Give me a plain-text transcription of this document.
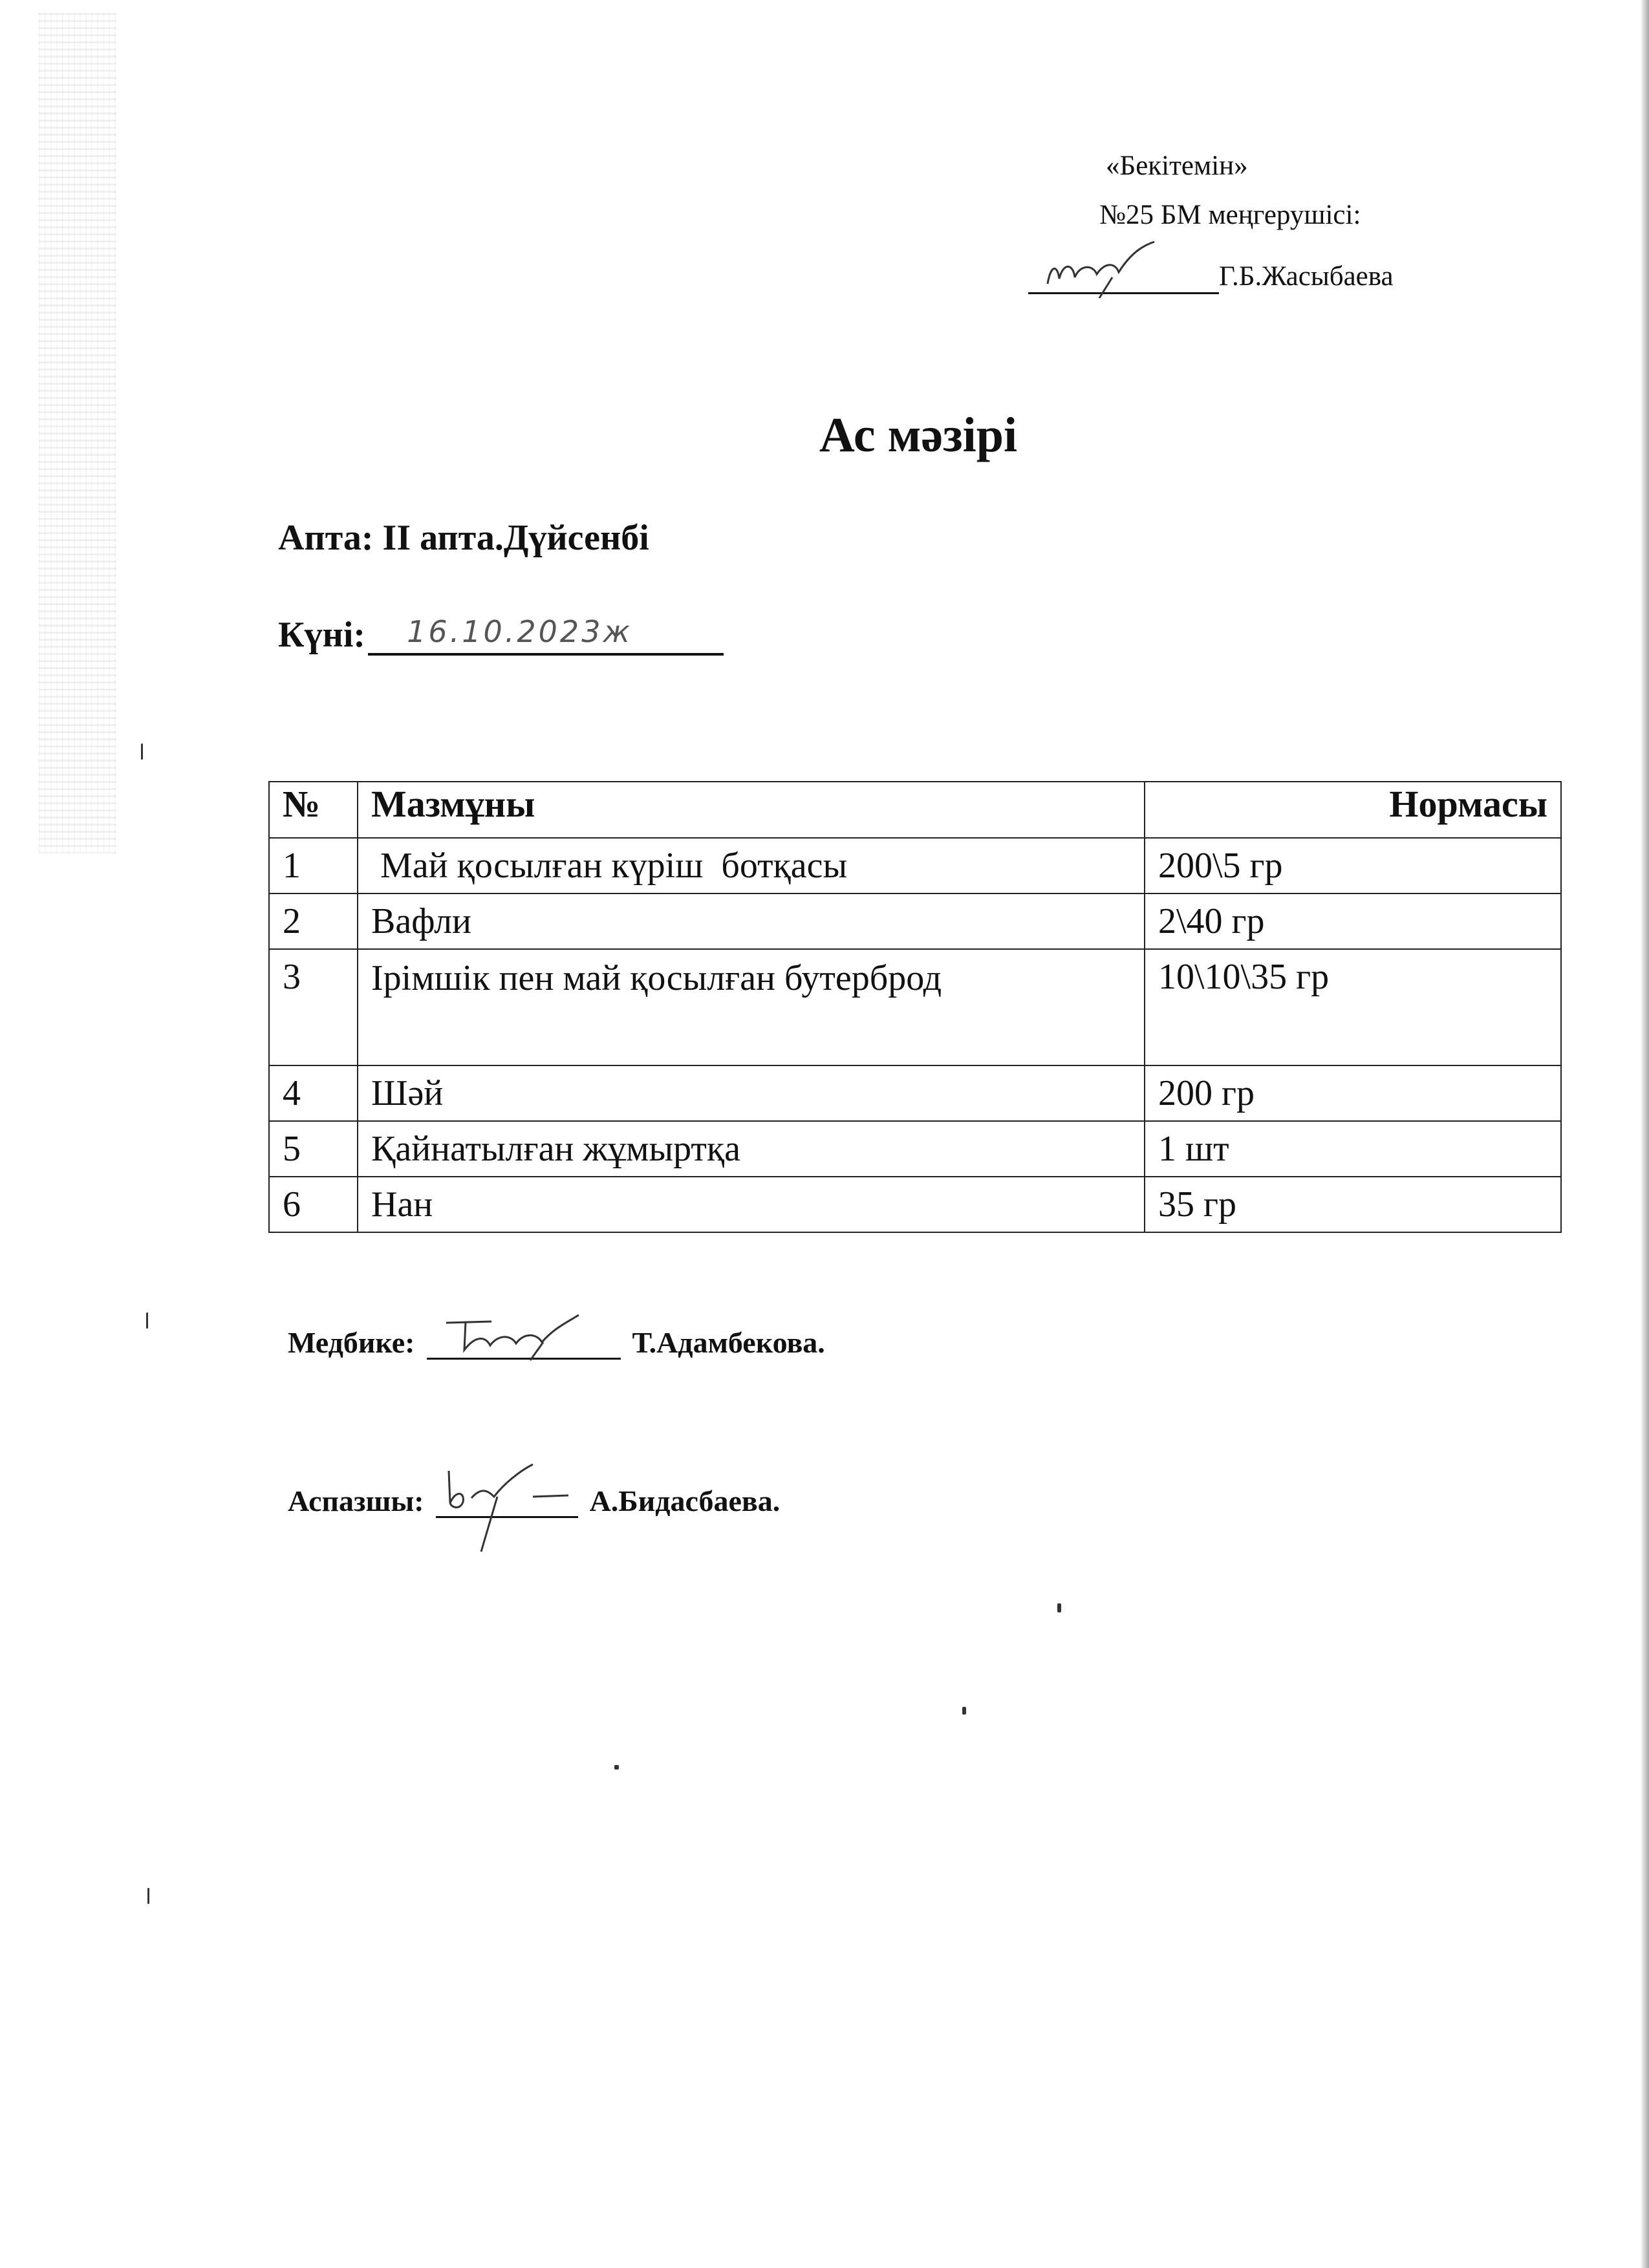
«Бекітемін»
№25 БМ меңгерушісі:
Г.Б.Жасыбаева
Ас мәзірі
Апта: II апта.Дүйсенбі
Күні: 16.10.2023ж
№	Мазмұны	Нормасы
1	Май қосылған күріш  ботқасы	200\5 гр
2	Вафли	2\40 гр
3	Ірімшік пен май қосылған бутерброд	10\10\35 гр
4	Шәй	200 гр
5	Қайнатылған жұмыртқа	1 шт
6	Нан	35 гр
Медбике:	Т.Адамбекова.
Аспазшы:	А.Бидасбаева.
